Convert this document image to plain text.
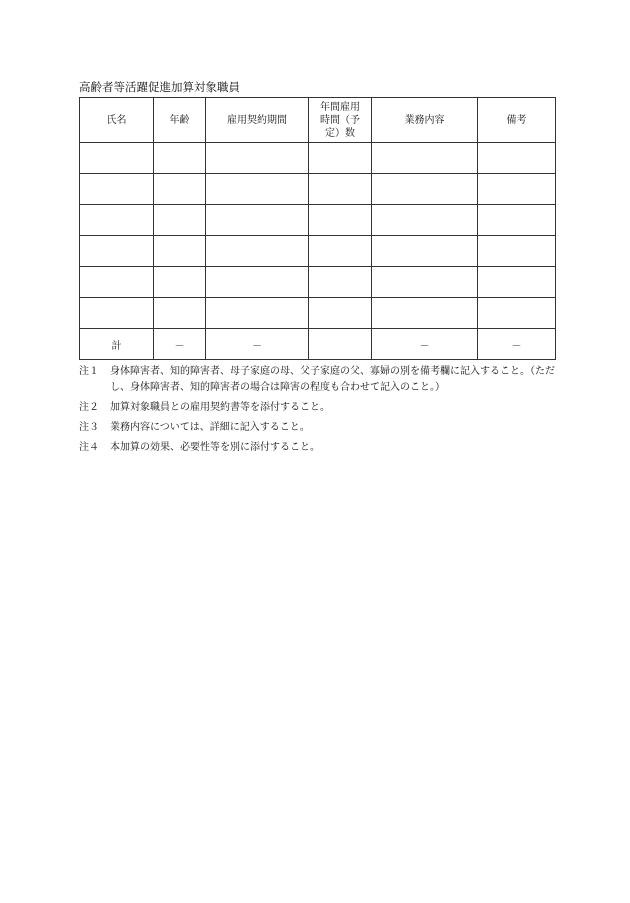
高齢者等活躍促進加算対象職員
氏名	年齢	雇用契約期間	年間雇用時間（予定）数	業務内容	備考

計	－	－		－	－
注１ 身体障害者、知的障害者、母子家庭の母、父子家庭の父、寡婦の別を備考欄に記入すること。（ただし、身体障害者、知的障害者の場合は障害の程度も合わせて記入のこと。）
注２ 加算対象職員との雇用契約書等を添付すること。
注３ 業務内容については、詳細に記入すること。
注４ 本加算の効果、必要性等を別に添付すること。
